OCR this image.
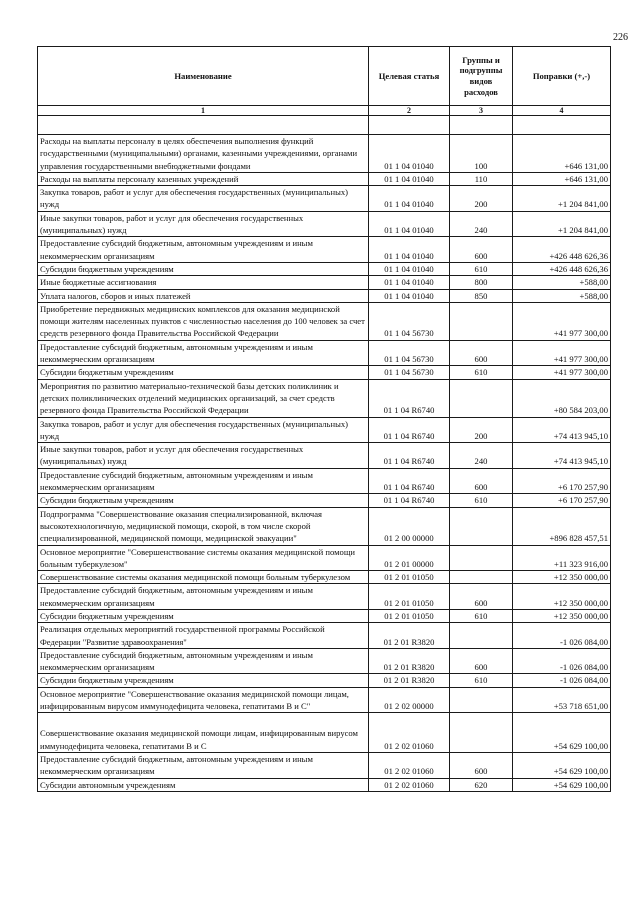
226
Наименование	Целевая статья	Группы и подгруппы видов расходов	Поправки (+,-)
1	2	3	4

Расходы на выплаты персоналу в целях обеспечения выполнения функций государственными (муниципальными) органами, казенными учреждениями, органами управления государственными внебюджетными фондами	01 1 04 01040	100	+646 131,00
Расходы на выплаты персоналу казенных учреждений	01 1 04 01040	110	+646 131,00
Закупка товаров, работ и услуг для обеспечения государственных (муниципальных) нужд	01 1 04 01040	200	+1 204 841,00
Иные закупки товаров, работ и услуг для обеспечения государственных (муниципальных) нужд	01 1 04 01040	240	+1 204 841,00
Предоставление субсидий бюджетным, автономным учреждениям и иным некоммерческим организациям	01 1 04 01040	600	+426 448 626,36
Субсидии бюджетным учреждениям	01 1 04 01040	610	+426 448 626,36
Иные бюджетные ассигнования	01 1 04 01040	800	+588,00
Уплата налогов, сборов и иных платежей	01 1 04 01040	850	+588,00
Приобретение передвижных медицинских комплексов для оказания медицинской помощи жителям населенных пунктов с численностью населения до 100 человек за счет средств резервного фонда Правительства Российской Федерации	01 1 04 56730		+41 977 300,00
Предоставление субсидий бюджетным, автономным учреждениям и иным некоммерческим организациям	01 1 04 56730	600	+41 977 300,00
Субсидии бюджетным учреждениям	01 1 04 56730	610	+41 977 300,00
Мероприятия по развитию материально-технической базы детских поликлиник и детских поликлинических отделений медицинских организаций, за счет средств резервного фонда Правительства Российской Федерации	01 1 04 R6740		+80 584 203,00
Закупка товаров, работ и услуг для обеспечения государственных (муниципальных) нужд	01 1 04 R6740	200	+74 413 945,10
Иные закупки товаров, работ и услуг для обеспечения государственных (муниципальных) нужд	01 1 04 R6740	240	+74 413 945,10
Предоставление субсидий бюджетным, автономным учреждениям и иным некоммерческим организациям	01 1 04 R6740	600	+6 170 257,90
Субсидии бюджетным учреждениям	01 1 04 R6740	610	+6 170 257,90
Подпрограмма "Совершенствование оказания специализированной, включая высокотехнологичную, медицинской помощи, скорой, в том числе скорой специализированной, медицинской помощи, медицинской эвакуации"	01 2 00 00000		+896 828 457,51
Основное мероприятие "Совершенствование системы оказания медицинской помощи больным туберкулезом"	01 2 01 00000		+11 323 916,00
Совершенствование системы оказания медицинской помощи больным туберкулезом	01 2 01 01050		+12 350 000,00
Предоставление субсидий бюджетным, автономным учреждениям и иным некоммерческим организациям	01 2 01 01050	600	+12 350 000,00
Субсидии бюджетным учреждениям	01 2 01 01050	610	+12 350 000,00
Реализация отдельных мероприятий государственной программы Российской Федерации "Развитие здравоохранения"	01 2 01 R3820		-1 026 084,00
Предоставление субсидий бюджетным, автономным учреждениям и иным некоммерческим организациям	01 2 01 R3820	600	-1 026 084,00
Субсидии бюджетным учреждениям	01 2 01 R3820	610	-1 026 084,00
Основное мероприятие "Совершенствование оказания медицинской помощи лицам, инфицированным вирусом иммунодефицита человека, гепатитами В и С"	01 2 02 00000		+53 718 651,00
Совершенствование оказания медицинской помощи лицам, инфицированным вирусом иммунодефицита человека, гепатитами В и С	01 2 02 01060		+54 629 100,00
Предоставление субсидий бюджетным, автономным учреждениям и иным некоммерческим организациям	01 2 02 01060	600	+54 629 100,00
Субсидии автономным учреждениям	01 2 02 01060	620	+54 629 100,00
